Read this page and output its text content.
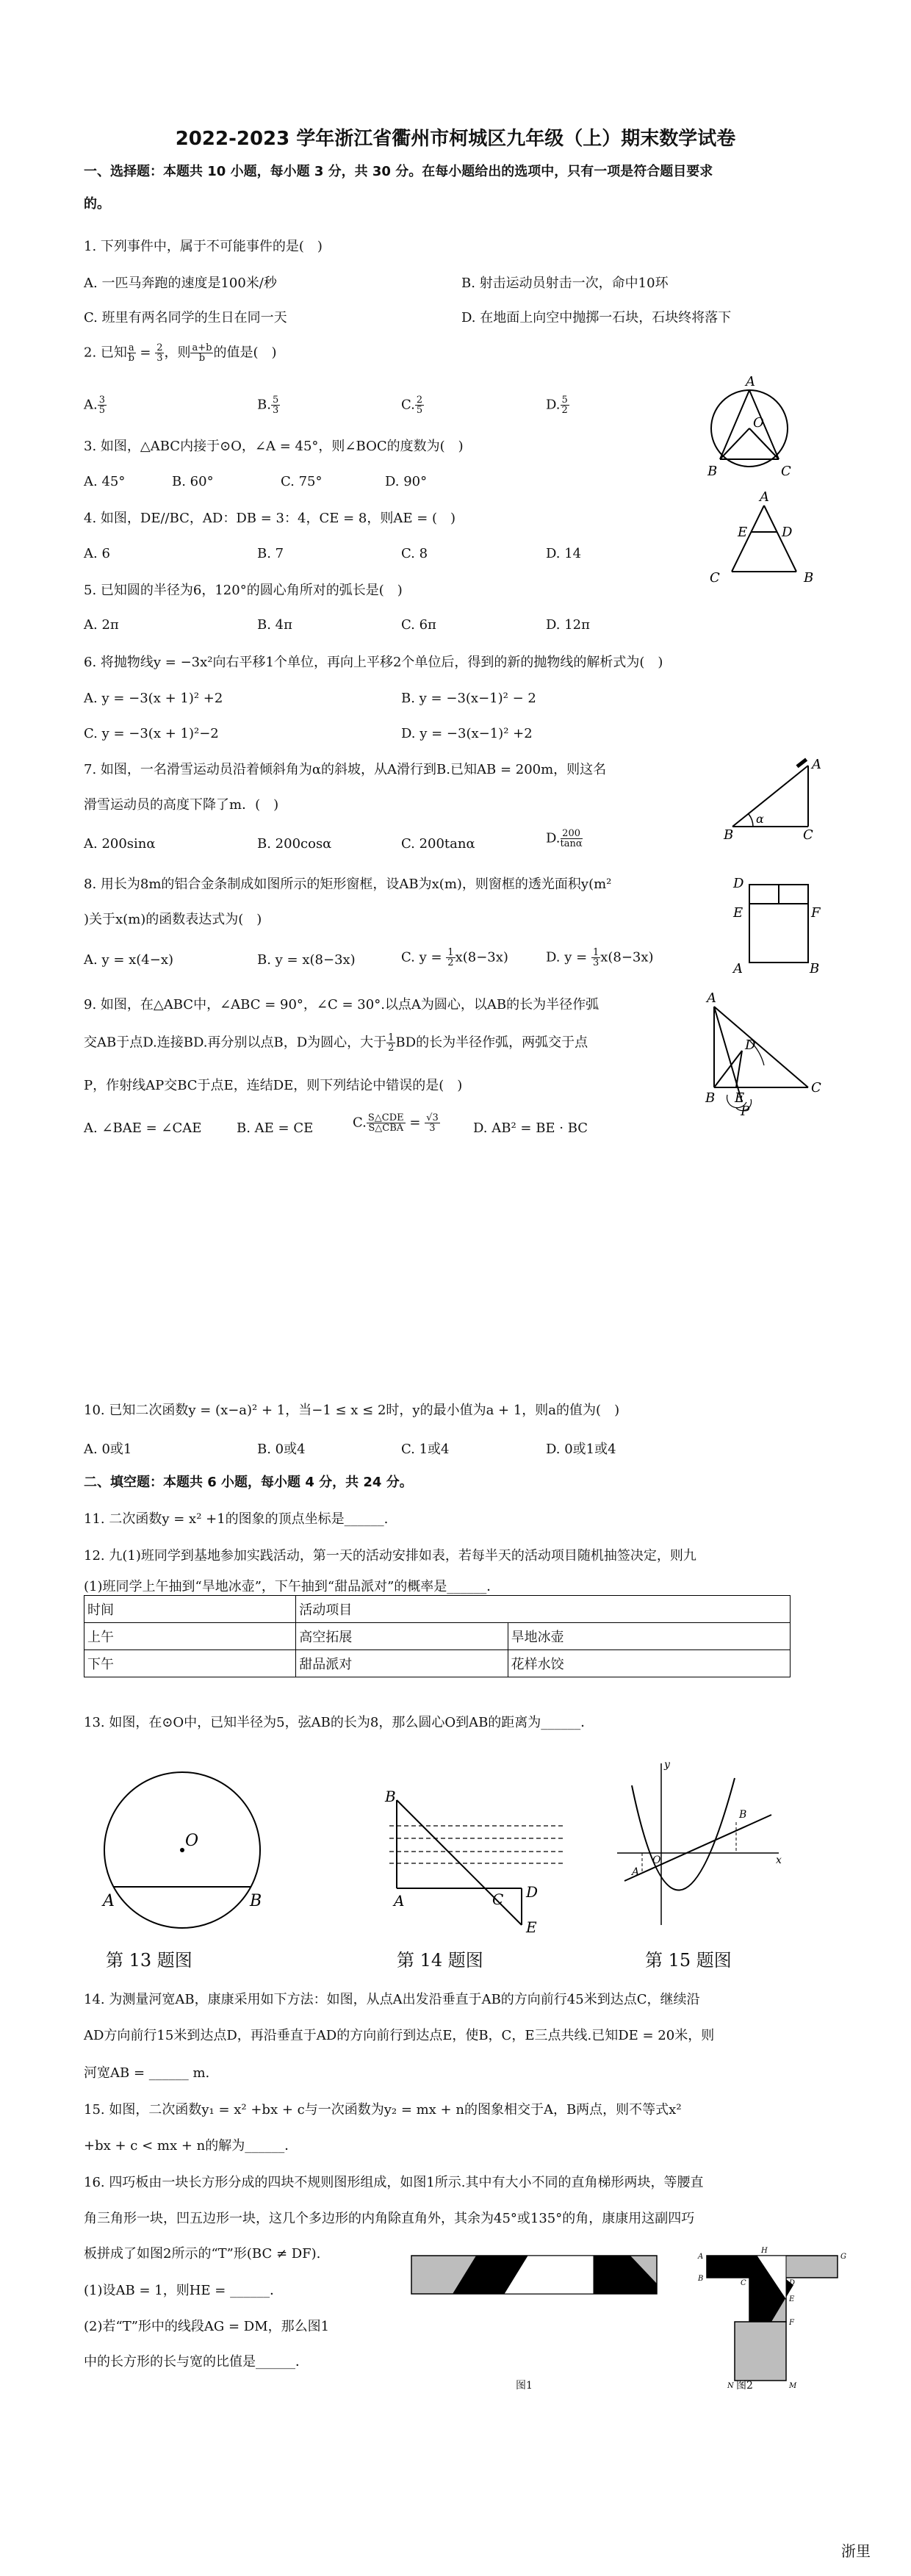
2022-2023 学年浙江省衢州市柯城区九年级（上）期末数学试卷
一、选择题：本题共 10 小题，每小题 3 分，共 30 分。在每小题给出的选项中，只有一项是符合题目要求
的。
1. 下列事件中，属于不可能事件的是(　)
A. 一匹马奔跑的速度是100米/秒	B. 射击运动员射击一次，命中10环
C. 班里有两名同学的生日在同一天	D. 在地面上向空中抛掷一石块，石块终将落下
2. 已知 $\frac{a}{b} = \frac{2}{3}$ ，则 $\frac{a+b}{b}$ 的值是(　)
A. $\frac{3}{5}$	B. $\frac{5}{3}$	C. $\frac{2}{5}$	D. $\frac{5}{2}$
A
O
B	C
3. 如图，△ABC内接于⊙O，∠A = 45°，则∠BOC的度数为(　)
A. 45°	B. 60°	C. 75°	D. 90°
A
E	D
C	B
4. 如图，DE//BC，AD：DB = 3：4，CE = 8，则AE = (　)
A. 6	B. 7	C. 8	D. 14
5. 已知圆的半径为6，120°的圆心角所对的弧长是(　)
A. 2π	B. 4π	C. 6π	D. 12π
6. 将抛物线y = −3x²向右平移1个单位，再向上平移2个单位后，得到的新的抛物线的解析式为(　)
A. y = −3(x + 1)² +2	B. y = −3(x−1)² − 2
C. y = −3(x + 1)²−2	D. y = −3(x−1)² +2
7. 如图，一名滑雪运动员沿着倾斜角为α的斜坡，从A滑行到B.已知AB = 200m，则这名
滑雪运动员的高度下降了m．(　)
A. 200sinα	B. 200cosα	C. 200tanα	D. $\frac{200}{\tan\alpha}$
A
B	C
α
8. 用长为8m的铝合金条制成如图所示的矩形窗框，设AB为x(m)，则窗框的透光面积y(m²
)关于x(m)的函数表达式为(　)
A. y = x(4−x)	B. y = x(8−3x)	C. $y = \frac{1}{2} x(8-3x)$	D. $y = \frac{1}{3} x(8-3x)$
D
E	F
A	B
9. 如图，在△ABC中，∠ABC = 90°，∠C = 30°.以点A为圆心，以AB的长为半径作弧
交AB于点D.连接BD.再分别以点B，D为圆心，大于 $\frac{1}{2}$ BD的长为半径作弧，两弧交于点
P，作射线AP交BC于点E，连结DE，则下列结论中错误的是(　)
A. ∠BAE = ∠CAE	B. AE = CE	C. $\frac{\text{S△CDE}}{\text{S△CBA}} = \frac{√3}{3}$	D. AB² = BE · BC
A
D
B E
C
P
10. 已知二次函数y = (x−a)² + 1，当−1 ≤ x ≤ 2时，y的最小值为a + 1，则a的值为(　)
A. 0或1	B. 0或4	C. 1或4	D. 0或1或4
二、填空题：本题共 6 小题，每小题 4 分，共 24 分。
11. 二次函数y = x² +1的图象的顶点坐标是______.
12. 九(1)班同学到基地参加实践活动，第一天的活动安排如表，若每半天的活动项目随机抽签决定，则九
(1)班同学上午抽到“旱地冰壶”，下午抽到“甜品派对”的概率是______．
时间	活动项目	
上午	高空拓展	旱地冰壶
下午	甜品派对	花样水饺
13. 如图，在⊙O中，已知半径为5，弦AB的长为8，那么圆心O到AB的距离为______．
O
A	B
B
A	C D
E
y
x
A
B
O
第 13 题图	第 14 题图	第 15 题图
14. 为测量河宽AB，康康采用如下方法：如图，从点A出发沿垂直于AB的方向前行45米到达点C，继续沿
AD方向前行15米到达点D，再沿垂直于AD的方向前行到达点E，使B，C，E三点共线.已知DE = 20米，则
河宽AB = ______ m.
15. 如图，二次函数y₁ = x² +bx + c与一次函数为y₂ = mx + n的图象相交于A，B两点，则不等式x²
+bx + c < mx + n的解为______．
16. 四巧板由一块长方形分成的四块不规则图形组成，如图1所示.其中有大小不同的直角梯形两块，等腰直
角三角形一块，凹五边形一块，这几个多边形的内角除直角外，其余为45°或135°的角，康康用这副四巧
板拼成了如图2所示的“T”形(BC ≠ DF).
(1)设AB = 1，则HE = ______．
(2)若“T”形中的线段AG = DM，那么图1
中的长方形的长与宽的比值是______．
图1
H
G
A
B
C	D
E
F
N	M
图2
浙里
